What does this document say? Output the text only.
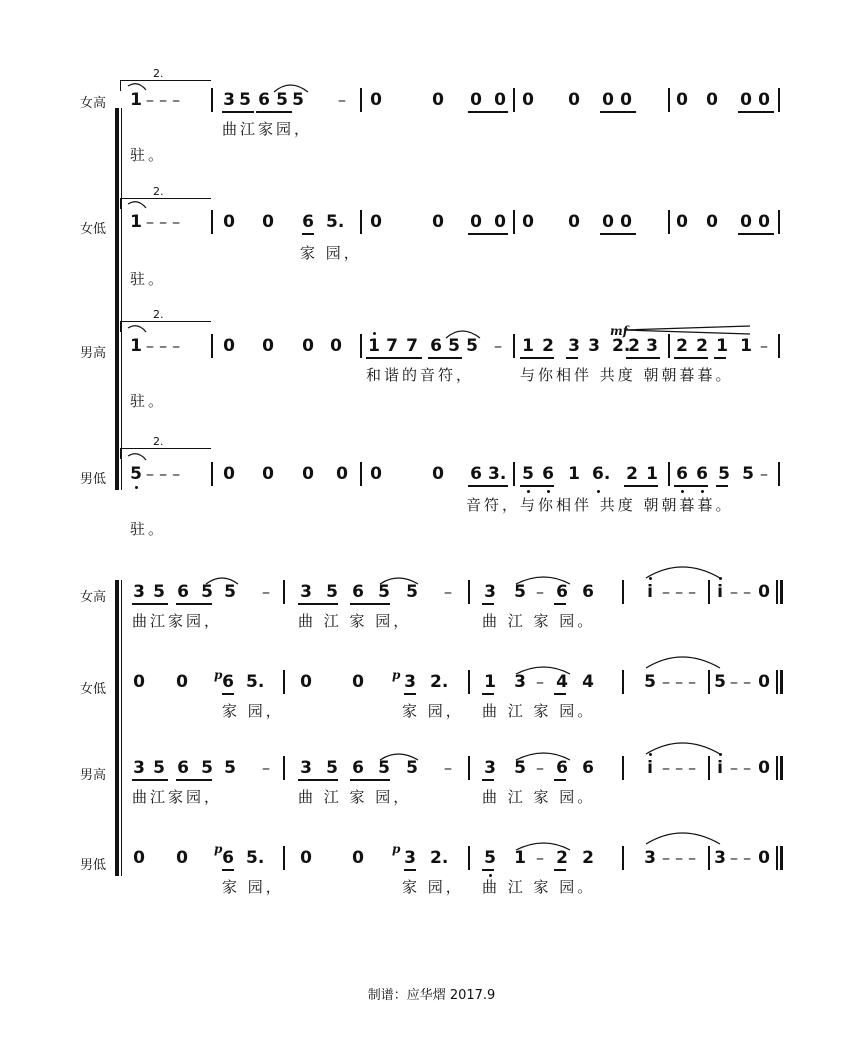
女高
2.
1 – – –	3 5 6 5 5 – 0	0 0 0 0 0 0 0	0 0 0 0
曲江家园，
驻。
女低
2.
1 – – –	0 0 6 5. 0	0 0 0 0 0 0 0	0 0 0 0
家 园，
驻。
男高
2.
mf
1 – – –	0 0 0 0 1 7 7 6 5 5 – 1 2 3 3 2.
2 3 2 2 1 1 –
和谐的音符，	与你相伴 共度 朝朝暮暮。
驻。
男低
2.
5 – – –	0 0 0 0 0	0 6 3. 5 6 1 6. 2 1 6 6 5 5 –
音符，与你相伴 共度 朝朝暮暮。
驻。
女高 3 5 6 5 5 – 3 5 6 5 5 – 3 5 – 6 6	i – – – i – – 0
曲江家园，	曲 江 家 园，	曲 江 家 园。
女低
p	p
0 0 6 5. 0 0 3 2. 1 3 – 4 4	5 – – – 5 – – 0
家 园，	家 园， 曲 江 家 园。
男高 3 5 6 5 5 – 3 5 6 5 5 – 3 5 – 6 6	i – – – i – – 0
曲江家园，	曲 江 家 园，	曲 江 家 园。
男低
p	p
0 0 6 5. 0 0 3 2. 5 1 – 2 2	3 – – – 3 – – 0
家 园，	家 园， 曲 江 家 园。
制谱：应华熠 2017.9
